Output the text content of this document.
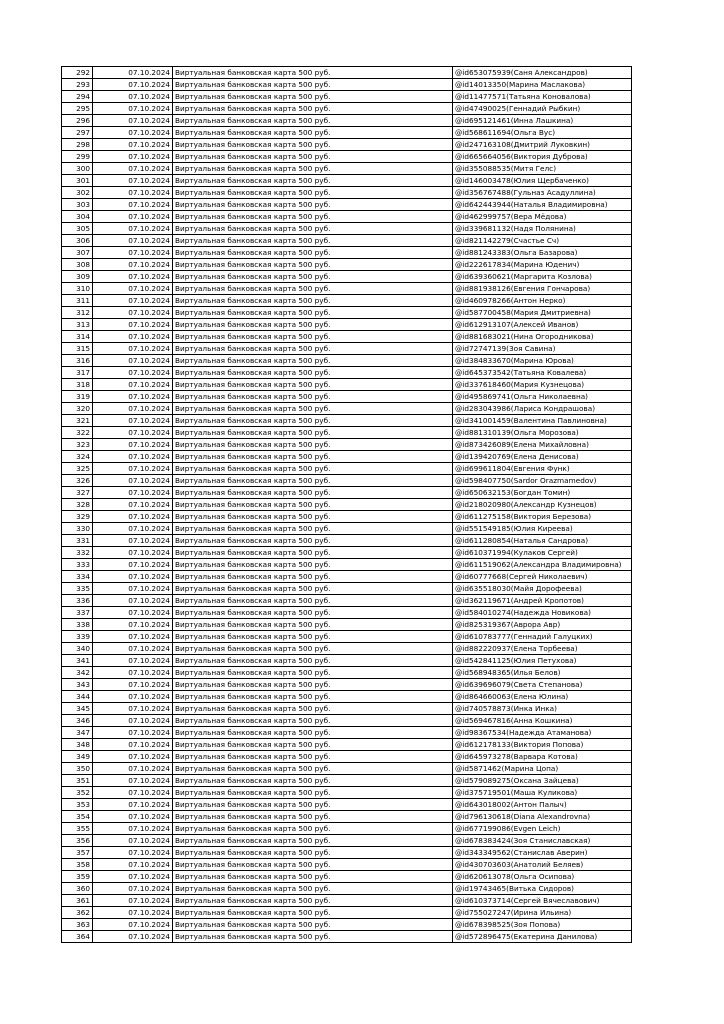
292	07.10.2024	Виртуальная банковская карта 500 руб.	@id653075939(Саня Александров)
293	07.10.2024	Виртуальная банковская карта 500 руб.	@id14013350(Марина Маслакова)
294	07.10.2024	Виртуальная банковская карта 500 руб.	@id11477571(Татьяна Коновалова)
295	07.10.2024	Виртуальная банковская карта 500 руб.	@id47490025(Геннадий Рыбкин)
296	07.10.2024	Виртуальная банковская карта 500 руб.	@id695121461(Инна Лашкина)
297	07.10.2024	Виртуальная банковская карта 500 руб.	@id568611694(Ольга Вус)
298	07.10.2024	Виртуальная банковская карта 500 руб.	@id247163108(Дмитрий Луковкин)
299	07.10.2024	Виртуальная банковская карта 500 руб.	@id665664056(Виктория Дуброва)
300	07.10.2024	Виртуальная банковская карта 500 руб.	@id355088535(Митя Гелс)
301	07.10.2024	Виртуальная банковская карта 500 руб.	@id146003478(Юлия Щербаченко)
302	07.10.2024	Виртуальная банковская карта 500 руб.	@id356767488(Гульназ Асадуллина)
303	07.10.2024	Виртуальная банковская карта 500 руб.	@id642443944(Наталья Владимировна)
304	07.10.2024	Виртуальная банковская карта 500 руб.	@id462999757(Вера Мёдова)
305	07.10.2024	Виртуальная банковская карта 500 руб.	@id339681132(Надя Полянина)
306	07.10.2024	Виртуальная банковская карта 500 руб.	@id821142279(Счастье Сч)
307	07.10.2024	Виртуальная банковская карта 500 руб.	@id881243383(Ольга Базарова)
308	07.10.2024	Виртуальная банковская карта 500 руб.	@id222617834(Марина Юденич)
309	07.10.2024	Виртуальная банковская карта 500 руб.	@id639360621(Маргарита Козлова)
310	07.10.2024	Виртуальная банковская карта 500 руб.	@id881938126(Евгения Гончарова)
311	07.10.2024	Виртуальная банковская карта 500 руб.	@id460978266(Антон Нерко)
312	07.10.2024	Виртуальная банковская карта 500 руб.	@id587700458(Мария Дмитриевна)
313	07.10.2024	Виртуальная банковская карта 500 руб.	@id612913107(Алексей Иванов)
314	07.10.2024	Виртуальная банковская карта 500 руб.	@id881683021(Нина Огородникова)
315	07.10.2024	Виртуальная банковская карта 500 руб.	@id72747139(Зоя Савина)
316	07.10.2024	Виртуальная банковская карта 500 руб.	@id384833670(Марина Юрова)
317	07.10.2024	Виртуальная банковская карта 500 руб.	@id645373542(Татьяна Ковалева)
318	07.10.2024	Виртуальная банковская карта 500 руб.	@id337618460(Мария Кузнецова)
319	07.10.2024	Виртуальная банковская карта 500 руб.	@id495869741(Ольга Николаевна)
320	07.10.2024	Виртуальная банковская карта 500 руб.	@id283043986(Лариса Кондрашова)
321	07.10.2024	Виртуальная банковская карта 500 руб.	@id341001459(Валентина Павлиновна)
322	07.10.2024	Виртуальная банковская карта 500 руб.	@id881310139(Ольга Морозова)
323	07.10.2024	Виртуальная банковская карта 500 руб.	@id873426089(Елена Михайловна)
324	07.10.2024	Виртуальная банковская карта 500 руб.	@id139420769(Елена Денисова)
325	07.10.2024	Виртуальная банковская карта 500 руб.	@id699611804(Евгения Функ)
326	07.10.2024	Виртуальная банковская карта 500 руб.	@id598407750(Sardor Orazmamedov)
327	07.10.2024	Виртуальная банковская карта 500 руб.	@id650632153(Богдан Томин)
328	07.10.2024	Виртуальная банковская карта 500 руб.	@id218020980(Александр Кузнецов)
329	07.10.2024	Виртуальная банковская карта 500 руб.	@id611275158(Виктория Березова)
330	07.10.2024	Виртуальная банковская карта 500 руб.	@id551549185(Юлия Киреева)
331	07.10.2024	Виртуальная банковская карта 500 руб.	@id611280854(Наталья Сандрова)
332	07.10.2024	Виртуальная банковская карта 500 руб.	@id610371994(Кулаков Сергей)
333	07.10.2024	Виртуальная банковская карта 500 руб.	@id611519062(Александра Владимировна)
334	07.10.2024	Виртуальная банковская карта 500 руб.	@id60777668(Сергей Николаевич)
335	07.10.2024	Виртуальная банковская карта 500 руб.	@id635518030(Майя Дорофеева)
336	07.10.2024	Виртуальная банковская карта 500 руб.	@id362119671(Андрей Кропотов)
337	07.10.2024	Виртуальная банковская карта 500 руб.	@id584010274(Надежда Новикова)
338	07.10.2024	Виртуальная банковская карта 500 руб.	@id825319367(Аврора Авр)
339	07.10.2024	Виртуальная банковская карта 500 руб.	@id610783777(Геннадий Галуцких)
340	07.10.2024	Виртуальная банковская карта 500 руб.	@id882220937(Елена Торбеева)
341	07.10.2024	Виртуальная банковская карта 500 руб.	@id542841125(Юлия Петухова)
342	07.10.2024	Виртуальная банковская карта 500 руб.	@id568948365(Илья Белов)
343	07.10.2024	Виртуальная банковская карта 500 руб.	@id639696079(Света Степанова)
344	07.10.2024	Виртуальная банковская карта 500 руб.	@id864660063(Елена Юлина)
345	07.10.2024	Виртуальная банковская карта 500 руб.	@id740578873(Инка Инка)
346	07.10.2024	Виртуальная банковская карта 500 руб.	@id569467816(Анна Кошкина)
347	07.10.2024	Виртуальная банковская карта 500 руб.	@id98367534(Надежда Атаманова)
348	07.10.2024	Виртуальная банковская карта 500 руб.	@id612178133(Виктория Попова)
349	07.10.2024	Виртуальная банковская карта 500 руб.	@id645973278(Варвара Котова)
350	07.10.2024	Виртуальная банковская карта 500 руб.	@id5871462(Марина Цопа)
351	07.10.2024	Виртуальная банковская карта 500 руб.	@id579089275(Оксана Зайцева)
352	07.10.2024	Виртуальная банковская карта 500 руб.	@id375719501(Маша Куликова)
353	07.10.2024	Виртуальная банковская карта 500 руб.	@id643018002(Антон Палыч)
354	07.10.2024	Виртуальная банковская карта 500 руб.	@id796130618(Diana Alexandrovna)
355	07.10.2024	Виртуальная банковская карта 500 руб.	@id677199086(Evgen Leich)
356	07.10.2024	Виртуальная банковская карта 500 руб.	@id678383424(Зоя Станиславская)
357	07.10.2024	Виртуальная банковская карта 500 руб.	@id343349562(Станислав Аверин)
358	07.10.2024	Виртуальная банковская карта 500 руб.	@id430703603(Анатолий Беляев)
359	07.10.2024	Виртуальная банковская карта 500 руб.	@id620613078(Ольга Осипова)
360	07.10.2024	Виртуальная банковская карта 500 руб.	@id19743465(Витька Сидоров)
361	07.10.2024	Виртуальная банковская карта 500 руб.	@id610373714(Сергей Вячеславович)
362	07.10.2024	Виртуальная банковская карта 500 руб.	@id755027247(Ирина Ильина)
363	07.10.2024	Виртуальная банковская карта 500 руб.	@id678398525(Зоя Попова)
364	07.10.2024	Виртуальная банковская карта 500 руб.	@id572896475(Екатерина Данилова)
